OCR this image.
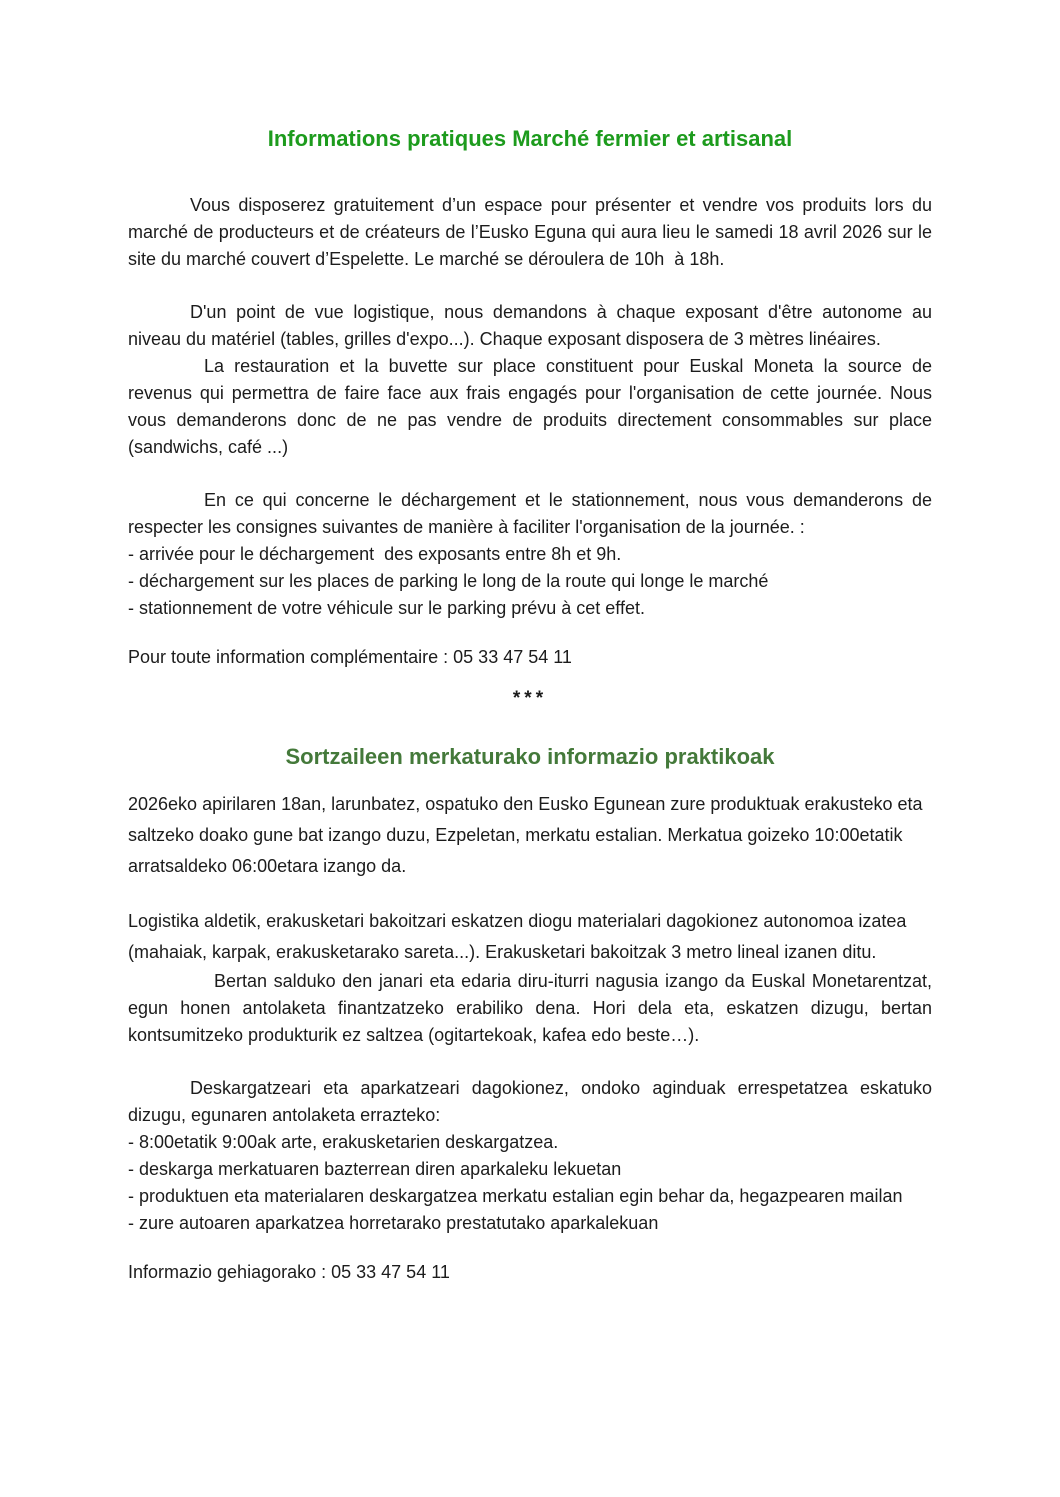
Informations pratiques Marché fermier et artisanal

Vous disposerez gratuitement d’un espace pour présenter et vendre vos produits lors du marché de producteurs et de créateurs de l’Eusko Eguna qui aura lieu le samedi 18 avril 2026 sur le site du marché couvert d’Espelette. Le marché se déroulera de 10h  à 18h.

D'un point de vue logistique, nous demandons à chaque exposant d'être autonome au niveau du matériel (tables, grilles d'expo...). Chaque exposant disposera de 3 mètres linéaires.

La restauration et la buvette sur place constituent pour Euskal Moneta la source de revenus qui permettra de faire face aux frais engagés pour l'organisation de cette journée. Nous vous demanderons donc de ne pas vendre de produits directement consommables sur place (sandwichs, café ...)

En ce qui concerne le déchargement et le stationnement, nous vous demanderons de respecter les consignes suivantes de manière à faciliter l'organisation de la journée. :

- arrivée pour le déchargement  des exposants entre 8h et 9h.

- déchargement sur les places de parking le long de la route qui longe le marché

- stationnement de votre véhicule sur le parking prévu à cet effet.

Pour toute information complémentaire : 05 33 47 54 11

***

Sortzaileen merkaturako informazio praktikoak

2026eko apirilaren 18an, larunbatez, ospatuko den Eusko Egunean zure produktuak erakusteko eta saltzeko doako gune bat izango duzu, Ezpeletan, merkatu estalian. Merkatua goizeko 10:00etatik arratsaldeko 06:00etara izango da.

Logistika aldetik, erakusketari bakoitzari eskatzen diogu materialari dagokionez autonomoa izatea (mahaiak, karpak, erakusketarako sareta...). Erakusketari bakoitzak 3 metro lineal izanen ditu.

Bertan salduko den janari eta edaria diru-iturri nagusia izango da Euskal Monetarentzat, egun honen antolaketa finantzatzeko erabiliko dena. Hori dela eta, eskatzen dizugu, bertan kontsumitzeko produkturik ez saltzea (ogitartekoak, kafea edo beste…).

Deskargatzeari eta aparkatzeari dagokionez, ondoko aginduak errespetatzea eskatuko dizugu, egunaren antolaketa errazteko:

- 8:00etatik 9:00ak arte, erakusketarien deskargatzea.

- deskarga merkatuaren bazterrean diren aparkaleku lekuetan

- produktuen eta materialaren deskargatzea merkatu estalian egin behar da, hegazpearen mailan

- zure autoaren aparkatzea horretarako prestatutako aparkalekuan

Informazio gehiagorako : 05 33 47 54 11
